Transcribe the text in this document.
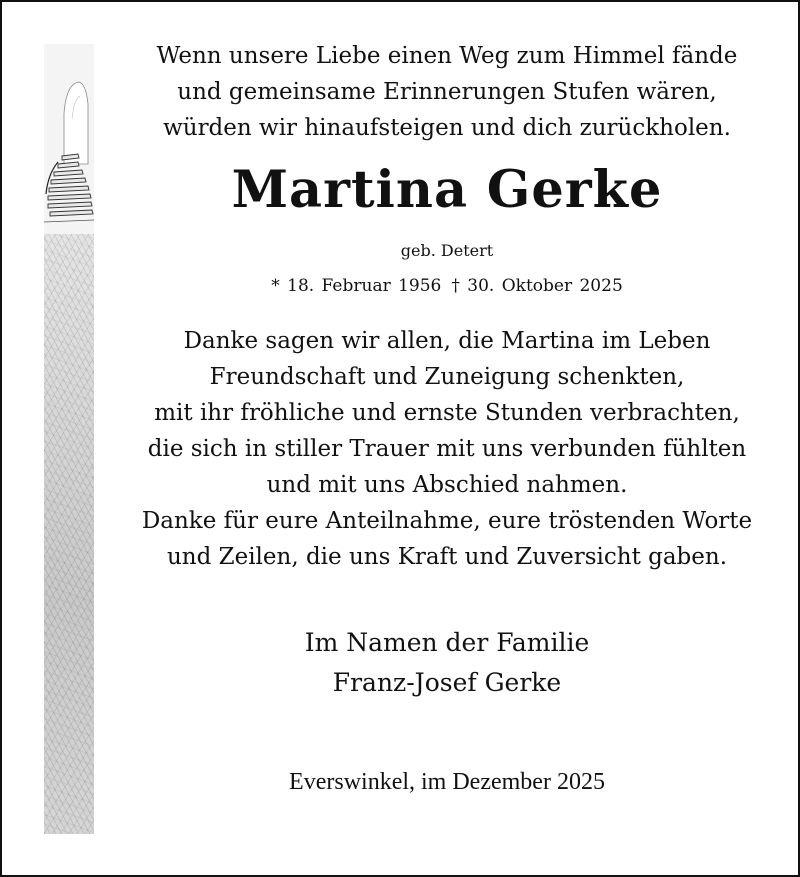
Wenn unsere Liebe einen Weg zum Himmel fände
und gemeinsame Erinnerungen Stufen wären,
würden wir hinaufsteigen und dich zurückholen.

Martina Gerke

geb. Detert

* 18. Februar 1956 † 30. Oktober 2025

Danke sagen wir allen, die Martina im Leben
Freundschaft und Zuneigung schenkten,
mit ihr fröhliche und ernste Stunden verbrachten,
die sich in stiller Trauer mit uns verbunden fühlten
und mit uns Abschied nahmen.
Danke für eure Anteilnahme, eure tröstenden Worte
und Zeilen, die uns Kraft und Zuversicht gaben.

Im Namen der Familie
Franz-Josef Gerke

Everswinkel, im Dezember 2025
